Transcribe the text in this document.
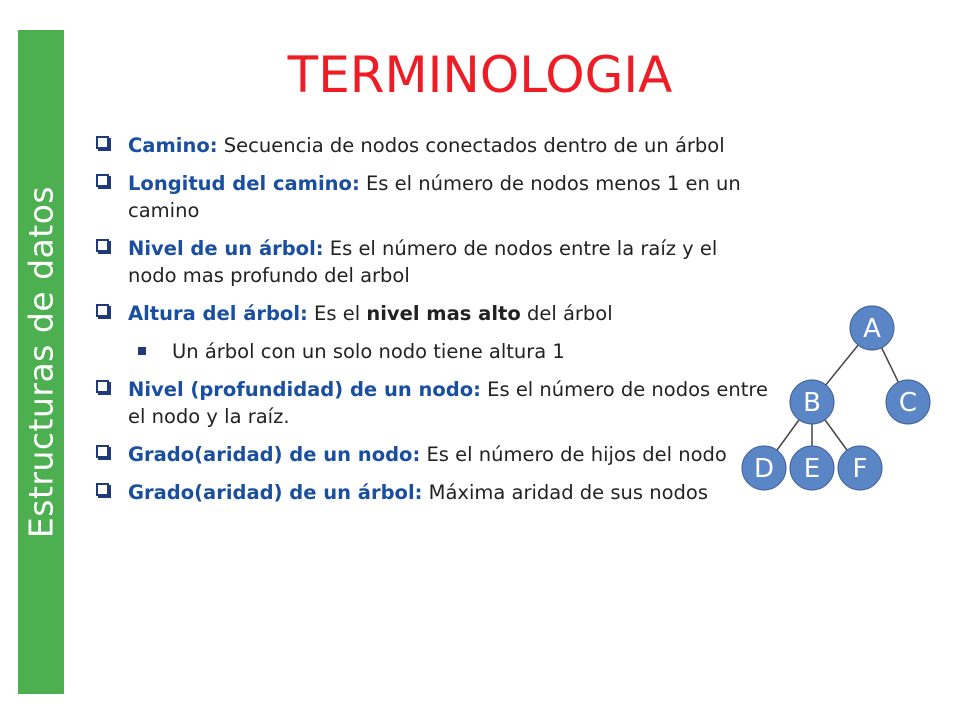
Estructuras de datos
TERMINOLOGIA
Camino: Secuencia de nodos conectados dentro de un árbol
Longitud del camino: Es el número de nodos menos 1 en un camino
Nivel de un árbol: Es el número de nodos entre la raíz y el nodo mas profundo del arbol
Altura del árbol: Es el nivel mas alto del árbol
Un árbol con un solo nodo tiene altura 1
Nivel (profundidad) de un nodo: Es el número de nodos entre el nodo y la raíz.
Grado(aridad) de un nodo: Es el número de hijos del nodo
Grado(aridad) de un árbol: Máxima aridad de sus nodos
A
B	C
D E F
